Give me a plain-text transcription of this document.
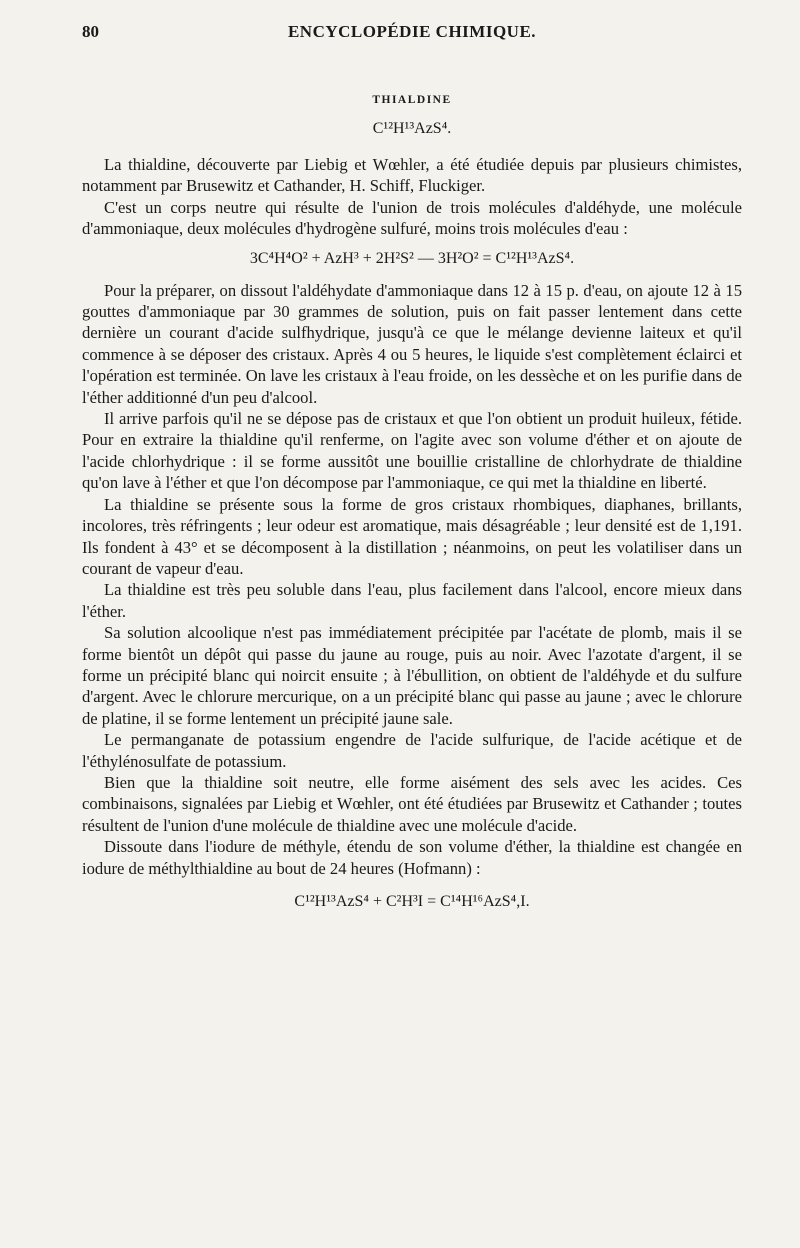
80	ENCYCLOPÉDIE CHIMIQUE.
THIALDINE
C¹²H¹³AzS⁴.

La thialdine, découverte par Liebig et Wœhler, a été étudiée depuis par plusieurs chimistes, notamment par Brusewitz et Cathander, H. Schiff, Fluckiger.

C'est un corps neutre qui résulte de l'union de trois molécules d'aldéhyde, une molécule d'ammoniaque, deux molécules d'hydrogène sulfuré, moins trois molécules d'eau :

3C⁴H⁴O² + AzH³ + 2H²S² — 3H²O² = C¹²H¹³AzS⁴.

Pour la préparer, on dissout l'aldéhydate d'ammoniaque dans 12 à 15 p. d'eau, on ajoute 12 à 15 gouttes d'ammoniaque par 30 grammes de solution, puis on fait passer lentement dans cette dernière un courant d'acide sulfhydrique, jusqu'à ce que le mélange devienne laiteux et qu'il commence à se déposer des cristaux. Après 4 ou 5 heures, le liquide s'est complètement éclairci et l'opération est terminée. On lave les cristaux à l'eau froide, on les dessèche et on les purifie dans de l'éther additionné d'un peu d'alcool.

Il arrive parfois qu'il ne se dépose pas de cristaux et que l'on obtient un produit huileux, fétide. Pour en extraire la thialdine qu'il renferme, on l'agite avec son volume d'éther et on ajoute de l'acide chlorhydrique : il se forme aussitôt une bouillie cristalline de chlorhydrate de thialdine qu'on lave à l'éther et que l'on décompose par l'ammoniaque, ce qui met la thialdine en liberté.

La thialdine se présente sous la forme de gros cristaux rhombiques, diaphanes, brillants, incolores, très réfringents ; leur odeur est aromatique, mais désagréable ; leur densité est de 1,191. Ils fondent à 43° et se décomposent à la distillation ; néanmoins, on peut les volatiliser dans un courant de vapeur d'eau.

La thialdine est très peu soluble dans l'eau, plus facilement dans l'alcool, encore mieux dans l'éther.

Sa solution alcoolique n'est pas immédiatement précipitée par l'acétate de plomb, mais il se forme bientôt un dépôt qui passe du jaune au rouge, puis au noir. Avec l'azotate d'argent, il se forme un précipité blanc qui noircit ensuite ; à l'ébullition, on obtient de l'aldéhyde et du sulfure d'argent. Avec le chlorure mercurique, on a un précipité blanc qui passe au jaune ; avec le chlorure de platine, il se forme lentement un précipité jaune sale.

Le permanganate de potassium engendre de l'acide sulfurique, de l'acide acétique et de l'éthylénosulfate de potassium.

Bien que la thialdine soit neutre, elle forme aisément des sels avec les acides. Ces combinaisons, signalées par Liebig et Wœhler, ont été étudiées par Brusewitz et Cathander ; toutes résultent de l'union d'une molécule de thialdine avec une molécule d'acide.

Dissoute dans l'iodure de méthyle, étendu de son volume d'éther, la thialdine est changée en iodure de méthylthialdine au bout de 24 heures (Hofmann) :

C¹²H¹³AzS⁴ + C²H³I = C¹⁴H¹⁶AzS⁴,I.
